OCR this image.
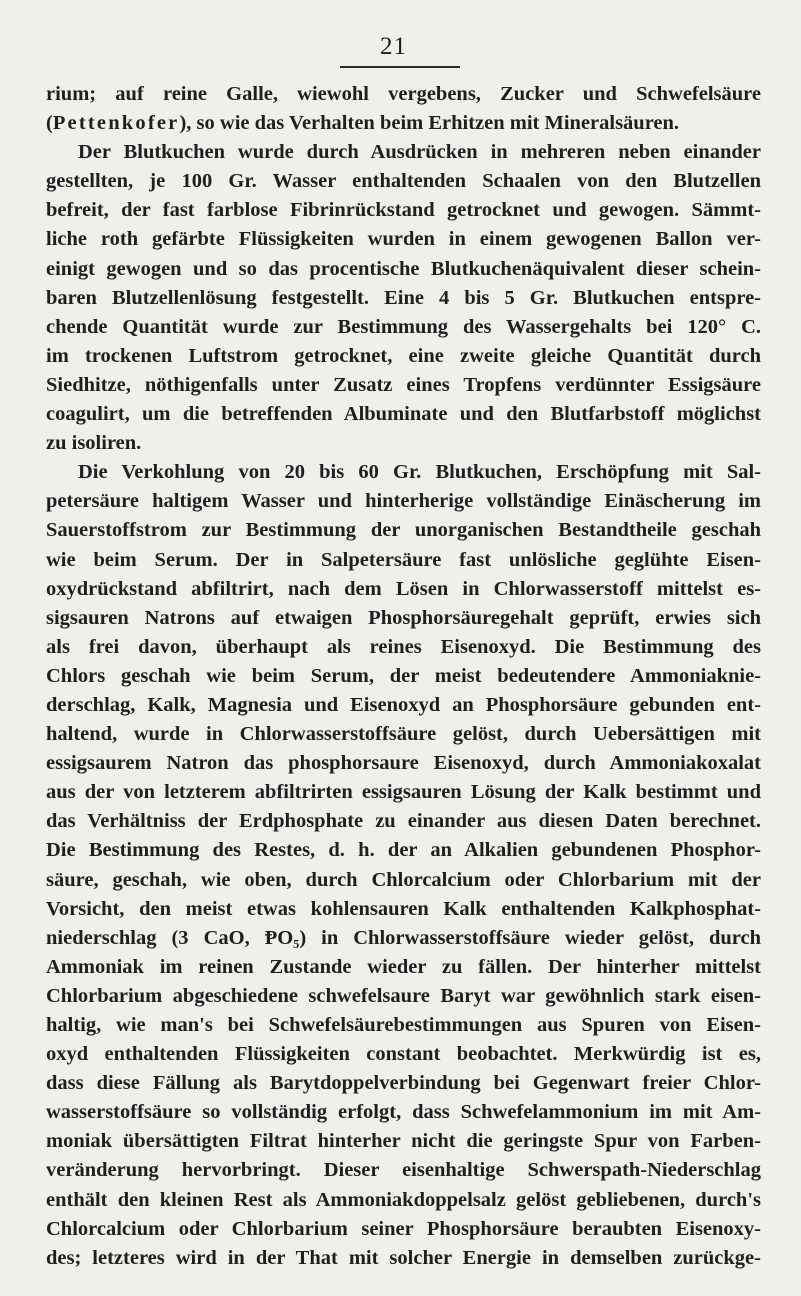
21
rium; auf reine Galle, wiewohl vergebens, Zucker und Schwefelsäure
(Pettenkofer), so wie das Verhalten beim Erhitzen mit Mineralsäuren.
Der Blutkuchen wurde durch Ausdrücken in mehreren neben einander
gestellten, je 100 Gr. Wasser enthaltenden Schaalen von den Blutzellen
befreit, der fast farblose Fibrinrückstand getrocknet und gewogen. Sämmt-
liche roth gefärbte Flüssigkeiten wurden in einem gewogenen Ballon ver-
einigt gewogen und so das procentische Blutkuchenäquivalent dieser schein-
baren Blutzellenlösung festgestellt. Eine 4 bis 5 Gr. Blutkuchen entspre-
chende Quantität wurde zur Bestimmung des Wassergehalts bei 120° C.
im trockenen Luftstrom getrocknet, eine zweite gleiche Quantität durch
Siedhitze, nöthigenfalls unter Zusatz eines Tropfens verdünnter Essigsäure
coagulirt, um die betreffenden Albuminate und den Blutfarbstoff möglichst
zu isoliren.
Die Verkohlung von 20 bis 60 Gr. Blutkuchen, Erschöpfung mit Sal-
petersäure haltigem Wasser und hinterherige vollständige Einäscherung im
Sauerstoffstrom zur Bestimmung der unorganischen Bestandtheile geschah
wie beim Serum. Der in Salpetersäure fast unlösliche geglühte Eisen-
oxydrückstand abfiltrirt, nach dem Lösen in Chlorwasserstoff mittelst es-
sigsauren Natrons auf etwaigen Phosphorsäuregehalt geprüft, erwies sich
als frei davon, überhaupt als reines Eisenoxyd. Die Bestimmung des
Chlors geschah wie beim Serum, der meist bedeutendere Ammoniaknie-
derschlag, Kalk, Magnesia und Eisenoxyd an Phosphorsäure gebunden ent-
haltend, wurde in Chlorwasserstoffsäure gelöst, durch Uebersättigen mit
essigsaurem Natron das phosphorsaure Eisenoxyd, durch Ammoniakoxalat
aus der von letzterem abfiltrirten essigsauren Lösung der Kalk bestimmt und
das Verhältniss der Erdphosphate zu einander aus diesen Daten berechnet.
Die Bestimmung des Restes, d. h. der an Alkalien gebundenen Phosphor-
säure, geschah, wie oben, durch Chlorcalcium oder Chlorbarium mit der
Vorsicht, den meist etwas kohlensauren Kalk enthaltenden Kalkphosphat-
niederschlag (3 CaO, ⱣO₅) in Chlorwasserstoffsäure wieder gelöst, durch
Ammoniak im reinen Zustande wieder zu fällen. Der hinterher mittelst
Chlorbarium abgeschiedene schwefelsaure Baryt war gewöhnlich stark eisen-
haltig, wie man's bei Schwefelsäurebestimmungen aus Spuren von Eisen-
oxyd enthaltenden Flüssigkeiten constant beobachtet. Merkwürdig ist es,
dass diese Fällung als Barytdoppelverbindung bei Gegenwart freier Chlor-
wasserstoffsäure so vollständig erfolgt, dass Schwefelammonium im mit Am-
moniak übersättigten Filtrat hinterher nicht die geringste Spur von Farben-
veränderung hervorbringt. Dieser eisenhaltige Schwerspath-Niederschlag
enthält den kleinen Rest als Ammoniakdoppelsalz gelöst gebliebenen, durch's
Chlorcalcium oder Chlorbarium seiner Phosphorsäure beraubten Eisenoxy-
des; letzteres wird in der That mit solcher Energie in demselben zurückge-
